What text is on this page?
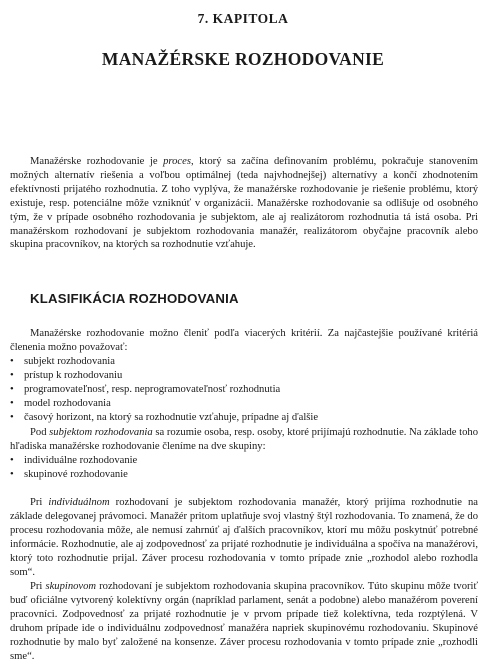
7. KAPITOLA
MANAŽÉRSKE ROZHODOVANIE

Manažérske rozhodovanie je proces, ktorý sa začína definovaním problému, pokračuje stanovením možných alternatív riešenia a voľbou optimálnej (teda najvhodnejšej) alternatívy a končí zhodnotením efektívnosti prijatého rozhodnutia. Z toho vyplýva, že manažérske rozhodovanie je riešenie problému, ktorý existuje, resp. potenciálne môže vzniknúť v organizácii. Manažérske rozhodovanie sa odlišuje od osobného tým, že v prípade osobného rozhodovania je subjektom, ale aj realizátorom rozhodnutia tá istá osoba. Pri manažérskom rozhodovaní je subjektom rozhodovania manažér, realizátorom obyčajne pracovník alebo skupina pracovníkov, na ktorých sa rozhodnutie vzťahuje.

KLASIFIKÁCIA ROZHODOVANIA

Manažérske rozhodovanie možno členiť podľa viacerých kritérií. Za najčastejšie používané kritériá členenia možno považovať:

• subjekt rozhodovania
• prístup k rozhodovaniu
• programovateľnosť, resp. neprogramovateľnosť rozhodnutia
• model rozhodovania
• časový horizont, na ktorý sa rozhodnutie vzťahuje, prípadne aj ďalšie

Pod subjektom rozhodovania sa rozumie osoba, resp. osoby, ktoré prijímajú rozhodnutie. Na základe toho hľadiska manažérske rozhodovanie členíme na dve skupiny:

• individuálne rozhodovanie
• skupinové rozhodovanie

Pri individuálnom rozhodovaní je subjektom rozhodovania manažér, ktorý prijíma rozhodnutie na základe delegovanej právomoci. Manažér pritom uplatňuje svoj vlastný štýl rozhodovania. To znamená, že do procesu rozhodovania môže, ale nemusí zahrnúť aj ďalších pracovníkov, ktorí mu môžu poskytnúť potrebné informácie. Rozhodnutie, ale aj zodpovednosť za prijaté rozhodnutie je individuálna a spočíva na manažérovi, ktorý toto rozhodnutie prijal. Záver procesu rozhodovania v tomto prípade znie „rozhodol alebo rozhodla som“.

Pri skupinovom rozhodovaní je subjektom rozhodovania skupina pracovníkov. Túto skupinu môže tvoriť buď oficiálne vytvorený kolektívny orgán (napríklad parlament, senát a podobne) alebo manažérom poverení pracovníci. Zodpovednosť za prijaté rozhodnutie je v prvom prípade tiež kolektívna, teda rozptýlená. V druhom prípade ide o individuálnu zodpovednosť manažéra napriek skupinovému rozhodovaniu. Skupinové rozhodnutie by malo byť založené na konsenze. Záver procesu rozhodovania v tomto prípade znie „rozhodli sme“.
